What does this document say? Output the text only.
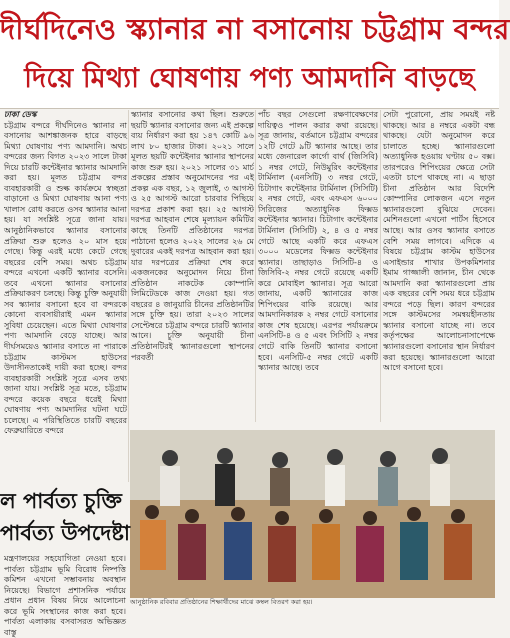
দীর্ঘদিনেও স্ক্যানার না বসানোয় চট্টগ্রাম বন্দর
দিয়ে মিথ্যা ঘোষণায় পণ্য আমদানি বাড়ছে

ঢাকা ডেস্ক
চট্টগ্রাম বন্দরে দীর্ঘদিনেও স্ক্যানার না বসানোয় আশঙ্কাজনক হারে বাড়ছে মিথ্যা ঘোষণায় পণ্য আমদানি। অথচ বন্দরের জন্য বিগত ২০২৩ সালে টাকা দিয়ে চারটি কন্টেইনার স্ক্যানার আমদানি করা হয়। মূলত চট্টগ্রাম বন্দর ব্যবহারকারী ও শুল্ক কার্যক্রমে স্বচ্ছতা বাড়ানো ও মিথ্যা ঘোষণায় আনা পণ্য খালাস রোধ করতে ওসব স্ক্যানার আনা হয়। যা সংশ্লিষ্ট সূত্রে জানা যায়। আনুষ্ঠানিকভাবে স্ক্যানার বসানোর প্রক্রিয়া শুরু হলেও ২০ মাস হয়ে গেছে। কিন্তু এরই মধ্যে কেটে গেছে বছরের বেশি সময়। অথচ চট্টগ্রাম বন্দরে এখনো একটি স্ক্যানার বসেনি। তবে এখনো স্ক্যানার বসানোর প্রক্রিয়াকরণ চলছে। কিন্তু চুক্তি অনুযায়ী সব স্ক্যানার বসানো হবে বা বন্দরকে কোনো ব্যবসায়ীরাই এমন স্ক্যানার সুবিধা চেয়েছেন। এতে মিথ্যা ঘোষণার পণ্য আমদানি বেড়ে যাচ্ছে। আর দীর্ঘসময়েও স্ক্যানার বসাতে না পারাকে চট্টগ্রাম কাস্টমস হাউসের উদাসীনতাকেই দায়ী করা হচ্ছে। বন্দর ব্যবহারকারী সংশ্লিষ্ট সূত্রে এসব তথ্য জানা যায়। সংশ্লিষ্ট সূত্র মতে, চট্টগ্রাম বন্দরে কয়েক বছরে ধরেই মিথ্যা ঘোষণায় পণ্য আমদানির ঘটনা ঘটে চলেছে। এ পরিস্থিতিতে চারটি বছরের ফেব্রুয়ারিতে বন্দরে

স্ক্যানার বসানোর কথা ছিল। শুরুতে ছয়টি স্ক্যানার বসানোর জন্য এই প্রকল্পে ব্যয় নির্ধারণ করা হয় ১৪৭ কোটি ৯৬ লাখ ৮০ হাজার টাকা। ২০২১ সালে মূলত ছয়টি কন্টেইনার স্ক্যানার স্থাপনের কাজ শুরু হয়। ২০২১ সালের ৩১ মার্চ প্রকল্পের প্রস্তাব অনুমোদনের পর এই প্রকল্প এক বছর, ১২ জুলাই, ৩ আগস্ট ও ২৫ আগস্ট আরো চারবার পিছিয়ে দরপত্র প্রকাশ করা হয়। ২৫ আগস্ট দরপত্র আহবান শেষে মূল্যায়ন কমিটির কাছে তিনটি প্রতিষ্ঠানের দরপত্র পাঠানো হলেও ২০২২ সালের ২৬ মে দুবারের একই দরপত্র আহবান করা হয়। যার দরপত্রের প্রক্রিয়া শেষ করে একজনকের অনুমোদন নিয়ে চীনা প্রতিষ্ঠান নাকটেক কোম্পানি লিমিটেডকে কাজ দেওয়া হয়। গত বছরের ৪ জানুয়ারি চীনের প্রতিষ্ঠানটির সঙ্গে চুক্তি হয়। তারা ২০২৩ সালের সেপ্টেম্বরে চট্টগ্রাম বন্দরে চারটি স্ক্যানার আনে। চুক্তি অনুযায়ী চীনা প্রতিষ্ঠানটিরই স্ক্যানারগুলো স্থাপনের পরবর্তী

পাঁচ বছর সেগুলো রক্ষণাবেক্ষণের দায়িত্বও পালন করার কথা রয়েছে। সূত্র জানায়, বর্তমানে চট্টগ্রাম বন্দরের ১২টি গেটে ৯টি স্ক্যানার আছে। তার মধ্যে জেনারেল কার্গো বার্থ (জিসিবি) ১ নম্বর গেটে, নিউমুরিং কন্টেইনার টার্মিনাল (এনসিটি) ৩ নম্বর গেটে, চিটাগাং কন্টেইনার টার্মিনাল (সিসিটি) ২ নম্বর গেটে, এবং এফএস ৬০০০ সিরিজের অত্যাধুনিক ফিক্সড কন্টেইনার স্ক্যানার। চিটাগাং কন্টেইনার টার্মিনাল (সিসিটি) ২, ৪ ও ৫ নম্বর গেটে আছে একটি করে এফএস ৩০০০ মডেলের ফিক্সড কন্টেইনার স্ক্যানার। তাছাড়াও সিসিটি-৪ ও জিসিবি-২ নম্বর গেটে রয়েছে একটি করে মোবাইল স্ক্যানার। সূত্র আরো জানায়, একটি স্ক্যানারের কাজ শিপিংয়ের বাকি রয়েছে। আর আমদানিকারক ২ নম্বর গেটে বসানোর কাজ শেষ হয়েছে। এরপর পর্যায়ক্রমে এনসিটি-৪ ও ৫ এবং সিসিটি ২ নম্বর গেটে বাকি তিনটি স্ক্যানার বসানো হবে। এনসিটি-৫ নম্বর গেটে একটি স্ক্যানার আছে। তবে

সেটা পুরোনো, প্রায় সময়ই নষ্ট থাকছে। আর ৪ নম্বরে একটা বন্ধ থাকছে। যেটা অনুমোদন করে চালাতে হচ্ছে। স্ক্যানারগুলো অত্যাধুনিক হওয়ায় ঘণ্টায় ৫০ বক্স। তারপরেও শিপিংয়ের ক্ষেত্রে সেটা এতটা চাপে থাকছে না। এ ছাড়া চীনা প্রতিষ্ঠান আর বিদেশি কোম্পানির লোকজন এসে নতুন স্ক্যানারগুলো বুঝিয়ে দেবেন। মেশিনগুলো এখনো পার্টস হিসেবে আছে। আর ওসব স্ক্যানার বসাতে বেশি সময় লাগবে। এদিকে এ বিষয়ে চট্টগ্রাম কাস্টম হাউসের এসাইন্ডার শাখার উপকমিশনার ইমাম গাজ্জালী জানান, চীন থেকে আমদানি করা স্ক্যানারগুলো প্রায় এক বছরের বেশি সময় ধরে চট্টগ্রাম বন্দরে পড়ে ছিল। কারণ বন্দরের সঙ্গে কাস্টমসের সমন্বয়হীনতায় স্ক্যানার বসানো যাচ্ছে না। তবে কর্তৃপক্ষের আলোচনাসাপেক্ষে স্ক্যানারগুলো বসানোর স্থান নির্ধারণ করা হয়েছে। স্ক্যানারগুলো আরো আগে বসানো হবে।

আনুষ্ঠানিক রবিবার প্রতিষ্ঠানের শিক্ষার্থীদের মাঝে কম্বল বিতরণ করা হয়।
ল পার্বত্য চুক্তি
পার্বত্য উপদেষ্টা

মন্ত্রণালয়ের সহযোগিতা নেওয়া হবে। পার্বত্য চট্টগ্রাম ভূমি বিরোধ নিষ্পত্তি কমিশন এখনো সম্ভাবনায় অবস্থান নিয়েছে। বিভাগে প্রশাসনিক পর্যায়ে প্রধান প্রধান বিষয় নিয়ে আলোচনা করে ভূমি সংস্থানের কাজ করা হবে। পার্বত্য এলাকায় বসবাসরত অভিজ্ঞত বাস্তু
